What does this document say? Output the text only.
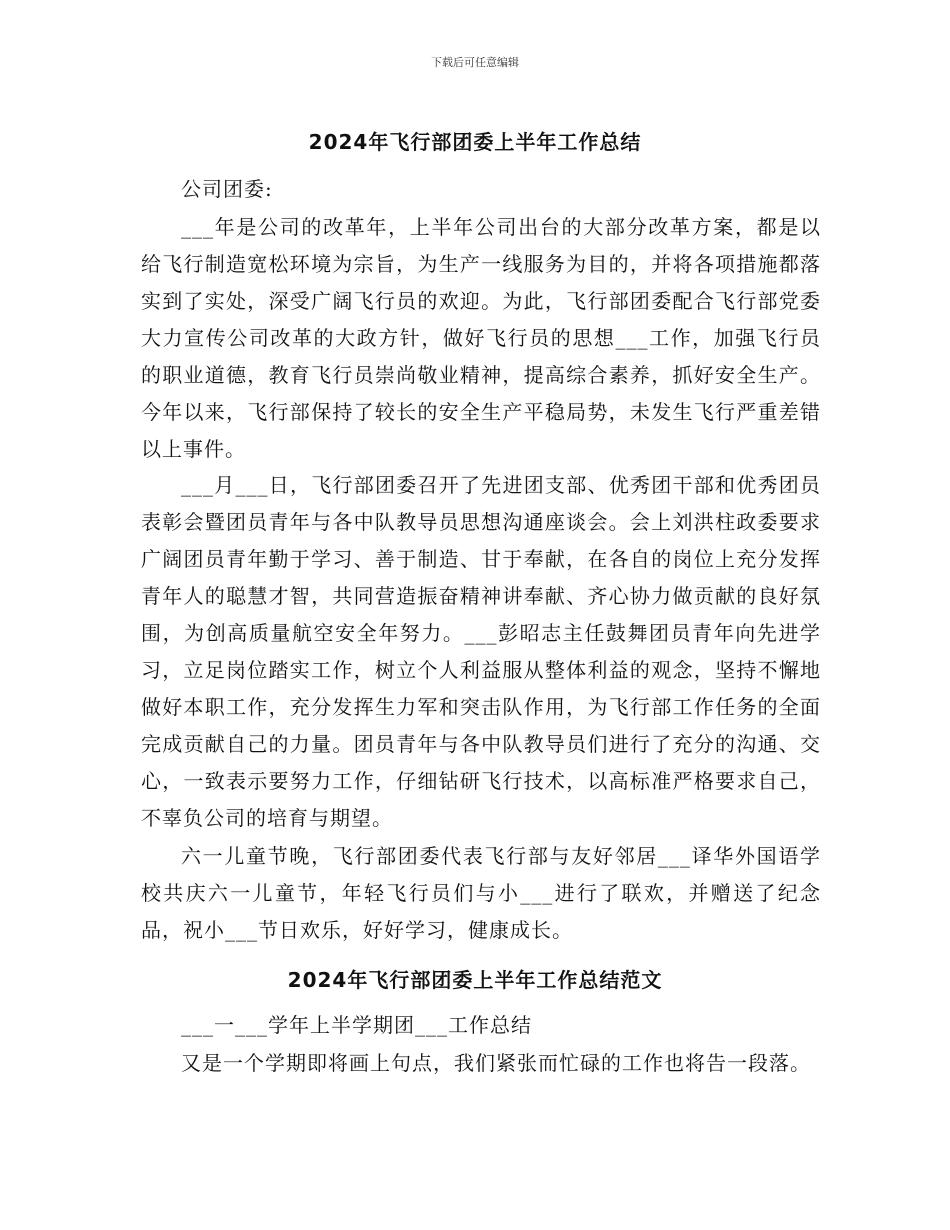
下载后可任意编辑
2024年飞行部团委上半年工作总结
公司团委:
___年是公司的改革年，上半年公司出台的大部分改革方案，都是以给飞行制造宽松环境为宗旨，为生产一线服务为目的，并将各项措施都落实到了实处，深受广阔飞行员的欢迎。为此，飞行部团委配合飞行部党委大力宣传公司改革的大政方针，做好飞行员的思想___工作，加强飞行员的职业道德，教育飞行员崇尚敬业精神，提高综合素养，抓好安全生产。今年以来，飞行部保持了较长的安全生产平稳局势，未发生飞行严重差错以上事件。
___月___日，飞行部团委召开了先进团支部、优秀团干部和优秀团员表彰会暨团员青年与各中队教导员思想沟通座谈会。会上刘洪柱政委要求广阔团员青年勤于学习、善于制造、甘于奉献，在各自的岗位上充分发挥青年人的聪慧才智，共同营造振奋精神讲奉献、齐心协力做贡献的良好氛围，为创高质量航空安全年努力。___彭昭志主任鼓舞团员青年向先进学习，立足岗位踏实工作，树立个人利益服从整体利益的观念，坚持不懈地做好本职工作，充分发挥生力军和突击队作用，为飞行部工作任务的全面完成贡献自己的力量。团员青年与各中队教导员们进行了充分的沟通、交心，一致表示要努力工作，仔细钻研飞行技术，以高标准严格要求自己，不辜负公司的培育与期望。
六一儿童节晚，飞行部团委代表飞行部与友好邻居___译华外国语学校共庆六一儿童节，年轻飞行员们与小___进行了联欢，并赠送了纪念品，祝小___节日欢乐，好好学习，健康成长。
2024年飞行部团委上半年工作总结范文
___一___学年上半学期团___工作总结
又是一个学期即将画上句点，我们紧张而忙碌的工作也将告一段落。
